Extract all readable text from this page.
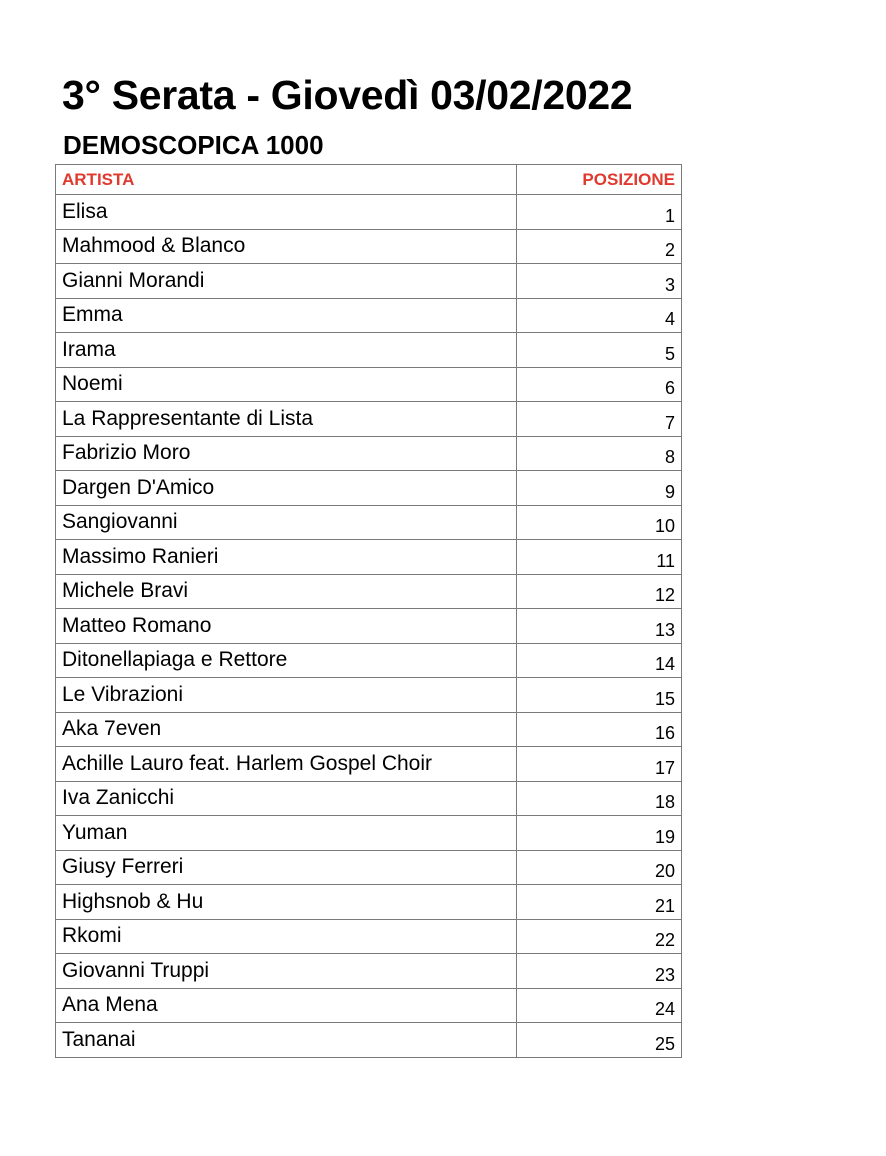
3° Serata - Giovedì 03/02/2022
DEMOSCOPICA 1000
ARTISTA	POSIZIONE
Elisa	1
Mahmood & Blanco	2
Gianni Morandi	3
Emma	4
Irama	5
Noemi	6
La Rappresentante di Lista	7
Fabrizio Moro	8
Dargen D'Amico	9
Sangiovanni	10
Massimo Ranieri	11
Michele Bravi	12
Matteo Romano	13
Ditonellapiaga e Rettore	14
Le Vibrazioni	15
Aka 7even	16
Achille Lauro feat. Harlem Gospel Choir	17
Iva Zanicchi	18
Yuman	19
Giusy Ferreri	20
Highsnob & Hu	21
Rkomi	22
Giovanni Truppi	23
Ana Mena	24
Tananai	25
